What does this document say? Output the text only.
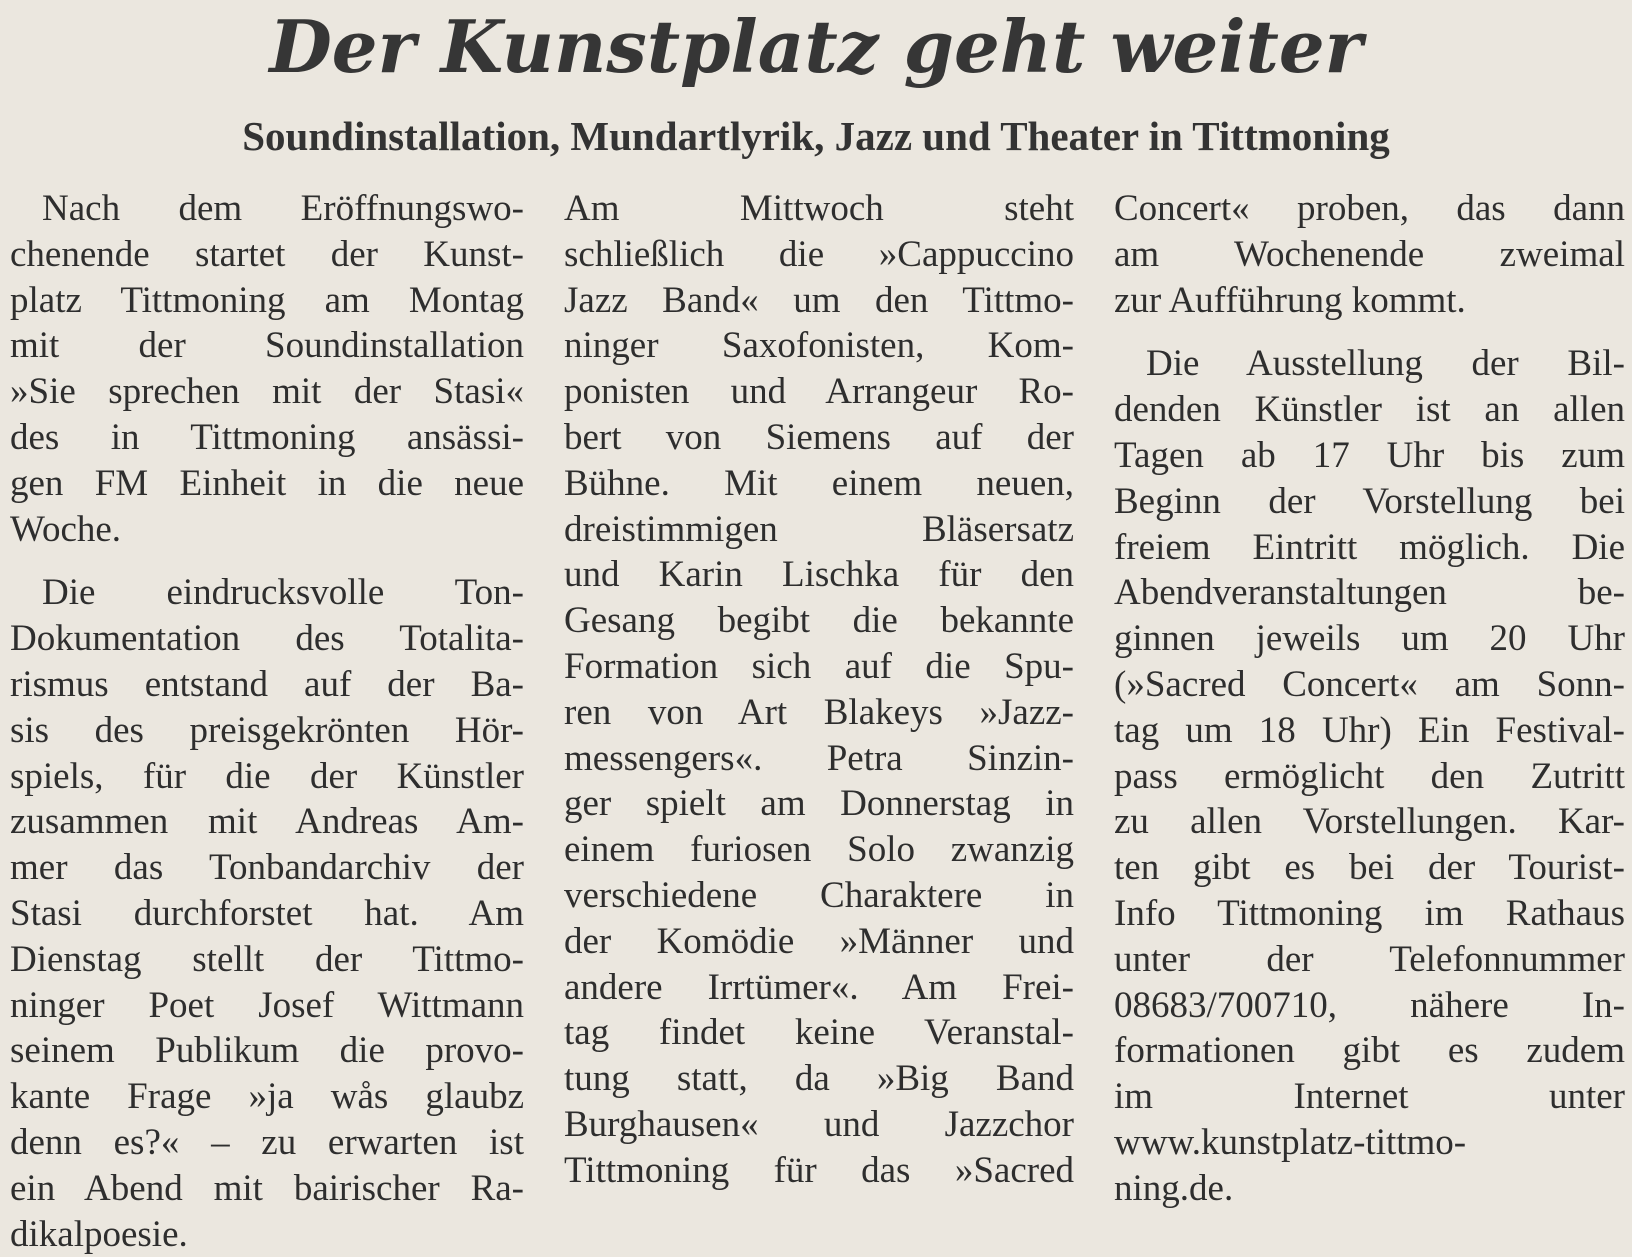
Der Kunstplatz geht weiter
Soundinstallation, Mundartlyrik, Jazz und Theater in Tittmoning
Nach dem Eröffnungswo-
chenende startet der Kunst-
platz Tittmoning am Montag
mit der Soundinstallation
»Sie sprechen mit der Stasi«
des in Tittmoning ansässi-
gen FM Einheit in die neue
Woche.
Die eindrucksvolle Ton-
Dokumentation des Totalita-
rismus entstand auf der Ba-
sis des preisgekrönten Hör-
spiels, für die der Künstler
zusammen mit Andreas Am-
mer das Tonbandarchiv der
Stasi durchforstet hat. Am
Dienstag stellt der Tittmo-
ninger Poet Josef Wittmann
seinem Publikum die provo-
kante Frage »ja wås glaubz
denn es?« – zu erwarten ist
ein Abend mit bairischer Ra-
dikalpoesie.
Am Mittwoch steht
schließlich die »Cappuccino
Jazz Band« um den Tittmo-
ninger Saxofonisten, Kom-
ponisten und Arrangeur Ro-
bert von Siemens auf der
Bühne. Mit einem neuen,
dreistimmigen Bläsersatz
und Karin Lischka für den
Gesang begibt die bekannte
Formation sich auf die Spu-
ren von Art Blakeys »Jazz-
messengers«. Petra Sinzin-
ger spielt am Donnerstag in
einem furiosen Solo zwanzig
verschiedene Charaktere in
der Komödie »Männer und
andere Irrtümer«. Am Frei-
tag findet keine Veranstal-
tung statt, da »Big Band
Burghausen« und Jazzchor
Tittmoning für das »Sacred
Concert« proben, das dann
am Wochenende zweimal
zur Aufführung kommt.
Die Ausstellung der Bil-
denden Künstler ist an allen
Tagen ab 17 Uhr bis zum
Beginn der Vorstellung bei
freiem Eintritt möglich. Die
Abendveranstaltungen be-
ginnen jeweils um 20 Uhr
(»Sacred Concert« am Sonn-
tag um 18 Uhr) Ein Festival-
pass ermöglicht den Zutritt
zu allen Vorstellungen. Kar-
ten gibt es bei der Tourist-
Info Tittmoning im Rathaus
unter der Telefonnummer
08683/700710, nähere In-
formationen gibt es zudem
im Internet unter
www.kunstplatz-tittmo-
ning.de.
